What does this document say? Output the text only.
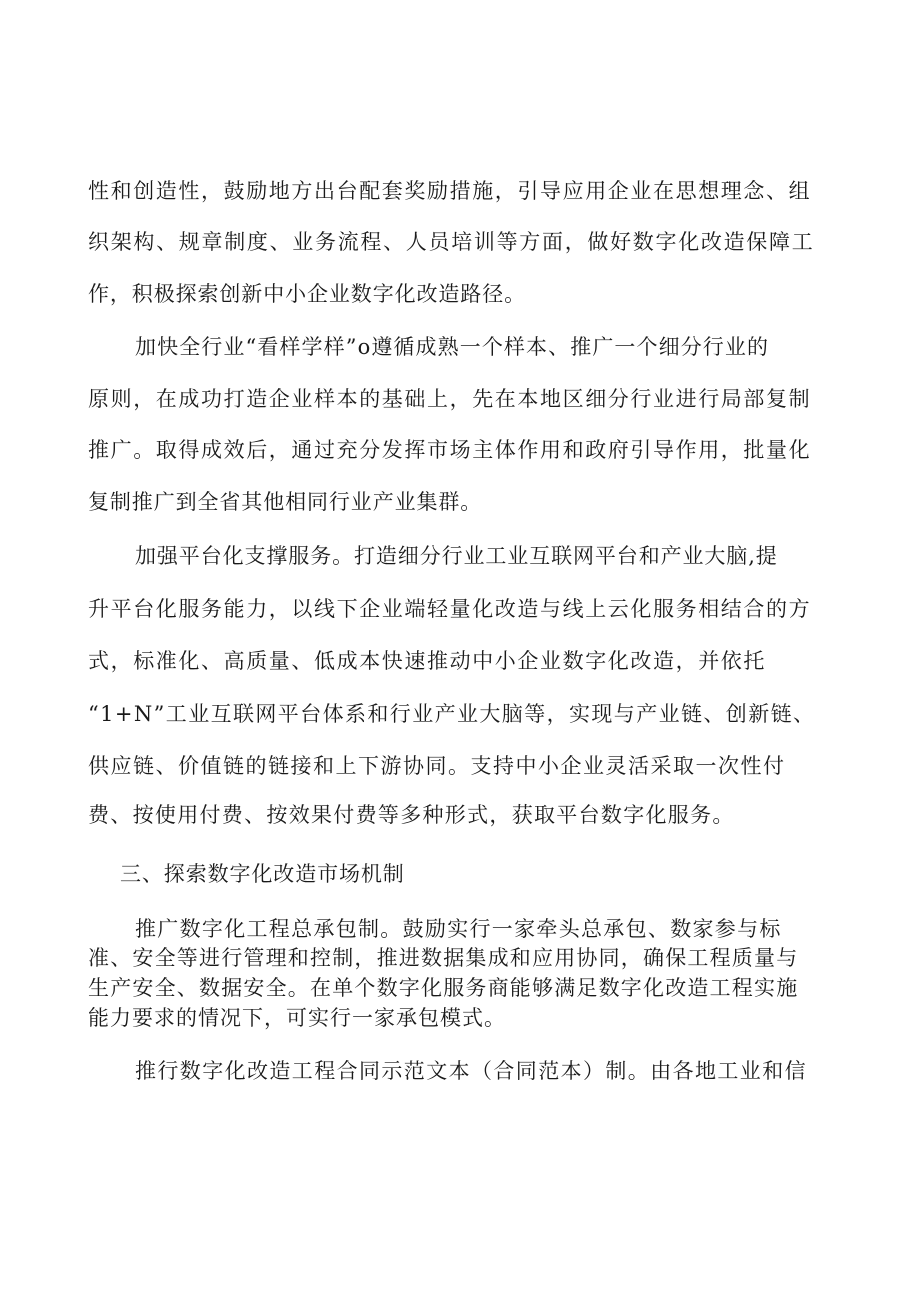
性和创造性，鼓励地方出台配套奖励措施，引导应用企业在思想理念、组
织架构、规章制度、业务流程、人员培训等方面，做好数字化改造保障工
作，积极探索创新中小企业数字化改造路径。
加快全行业“看样学样”o遵循成熟一个样本、推广一个细分行业的
原则，在成功打造企业样本的基础上，先在本地区细分行业进行局部复制
推广。取得成效后，通过充分发挥市场主体作用和政府引导作用，批量化
复制推广到全省其他相同行业产业集群。
加强平台化支撑服务。打造细分行业工业互联网平台和产业大脑,提
升平台化服务能力，以线下企业端轻量化改造与线上云化服务相结合的方
式，标准化、高质量、低成本快速推动中小企业数字化改造，并依托
“1+N”工业互联网平台体系和行业产业大脑等，实现与产业链、创新链、
供应链、价值链的链接和上下游协同。支持中小企业灵活采取一次性付
费、按使用付费、按效果付费等多种形式，获取平台数字化服务。
三、探索数字化改造市场机制
推广数字化工程总承包制。鼓励实行一家牵头总承包、数家参与标
准、安全等进行管理和控制，推进数据集成和应用协同，确保工程质量与
生产安全、数据安全。在单个数字化服务商能够满足数字化改造工程实施
能力要求的情况下，可实行一家承包模式。
推行数字化改造工程合同示范文本（合同范本）制。由各地工业和信
